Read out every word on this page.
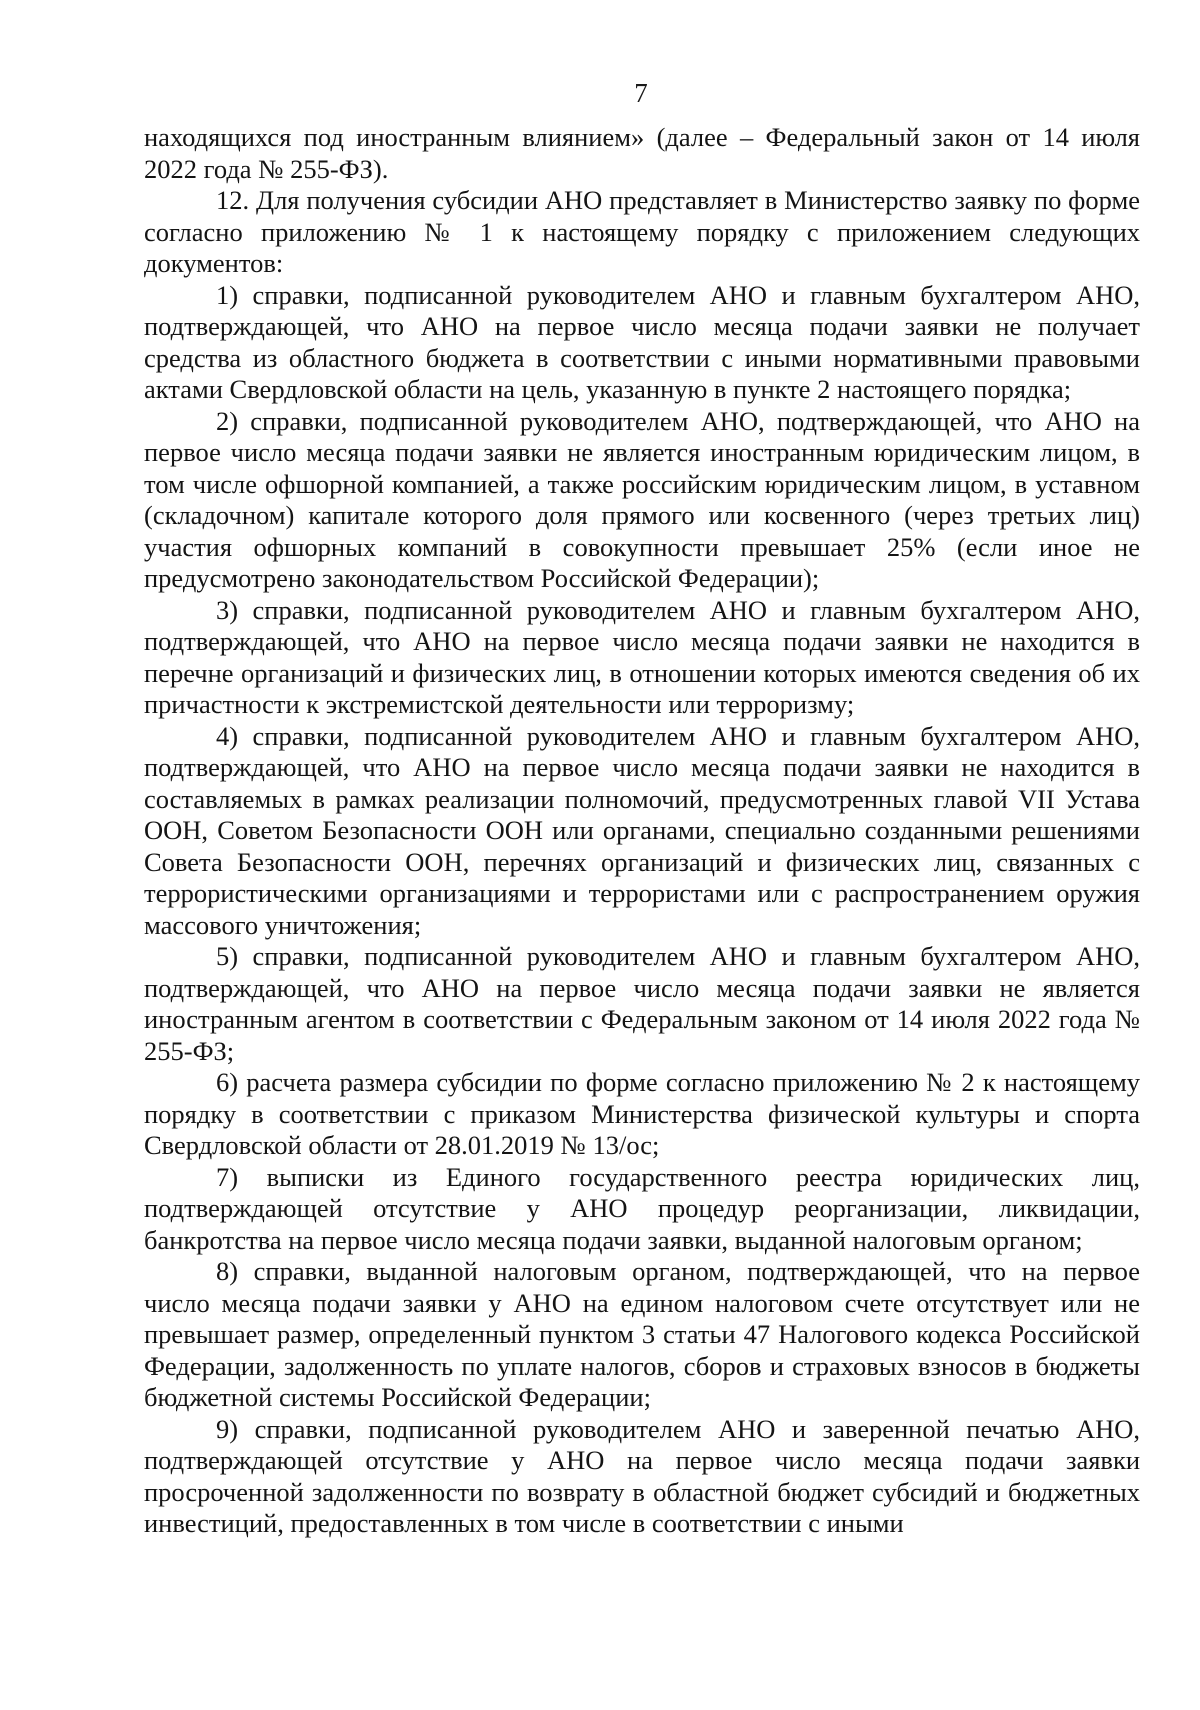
7

находящихся под иностранным влиянием» (далее – Федеральный закон от 14 июля 2022 года № 255-ФЗ).

12. Для получения субсидии АНО представляет в Министерство заявку по форме согласно приложению № 1 к настоящему порядку с приложением следующих документов:

1) справки, подписанной руководителем АНО и главным бухгалтером АНО, подтверждающей, что АНО на первое число месяца подачи заявки не получает средства из областного бюджета в соответствии с иными нормативными правовыми актами Свердловской области на цель, указанную в пункте 2 настоящего порядка;

2) справки, подписанной руководителем АНО, подтверждающей, что АНО на первое число месяца подачи заявки не является иностранным юридическим лицом, в том числе офшорной компанией, а также российским юридическим лицом, в уставном (складочном) капитале которого доля прямого или косвенного (через третьих лиц) участия офшорных компаний в совокупности превышает 25% (если иное не предусмотрено законодательством Российской Федерации);

3) справки, подписанной руководителем АНО и главным бухгалтером АНО, подтверждающей, что АНО на первое число месяца подачи заявки не находится в перечне организаций и физических лиц, в отношении которых имеются сведения об их причастности к экстремистской деятельности или терроризму;

4) справки, подписанной руководителем АНО и главным бухгалтером АНО, подтверждающей, что АНО на первое число месяца подачи заявки не находится в составляемых в рамках реализации полномочий, предусмотренных главой VII Устава ООН, Советом Безопасности ООН или органами, специально созданными решениями Совета Безопасности ООН, перечнях организаций и физических лиц, связанных с террористическими организациями и террористами или с распространением оружия массового уничтожения;

5) справки, подписанной руководителем АНО и главным бухгалтером АНО, подтверждающей, что АНО на первое число месяца подачи заявки не является иностранным агентом в соответствии с Федеральным законом от 14 июля 2022 года № 255-ФЗ;

6) расчета размера субсидии по форме согласно приложению № 2 к настоящему порядку в соответствии с приказом Министерства физической культуры и спорта Свердловской области от 28.01.2019 № 13/ос;

7) выписки из Единого государственного реестра юридических лиц, подтверждающей отсутствие у АНО процедур реорганизации, ликвидации, банкротства на первое число месяца подачи заявки, выданной налоговым органом;

8) справки, выданной налоговым органом, подтверждающей, что на первое число месяца подачи заявки у АНО на едином налоговом счете отсутствует или не превышает размер, определенный пунктом 3 статьи 47 Налогового кодекса Российской Федерации, задолженность по уплате налогов, сборов и страховых взносов в бюджеты бюджетной системы Российской Федерации;

9) справки, подписанной руководителем АНО и заверенной печатью АНО, подтверждающей отсутствие у АНО на первое число месяца подачи заявки просроченной задолженности по возврату в областной бюджет субсидий и бюджетных инвестиций, предоставленных в том числе в соответствии с иными
